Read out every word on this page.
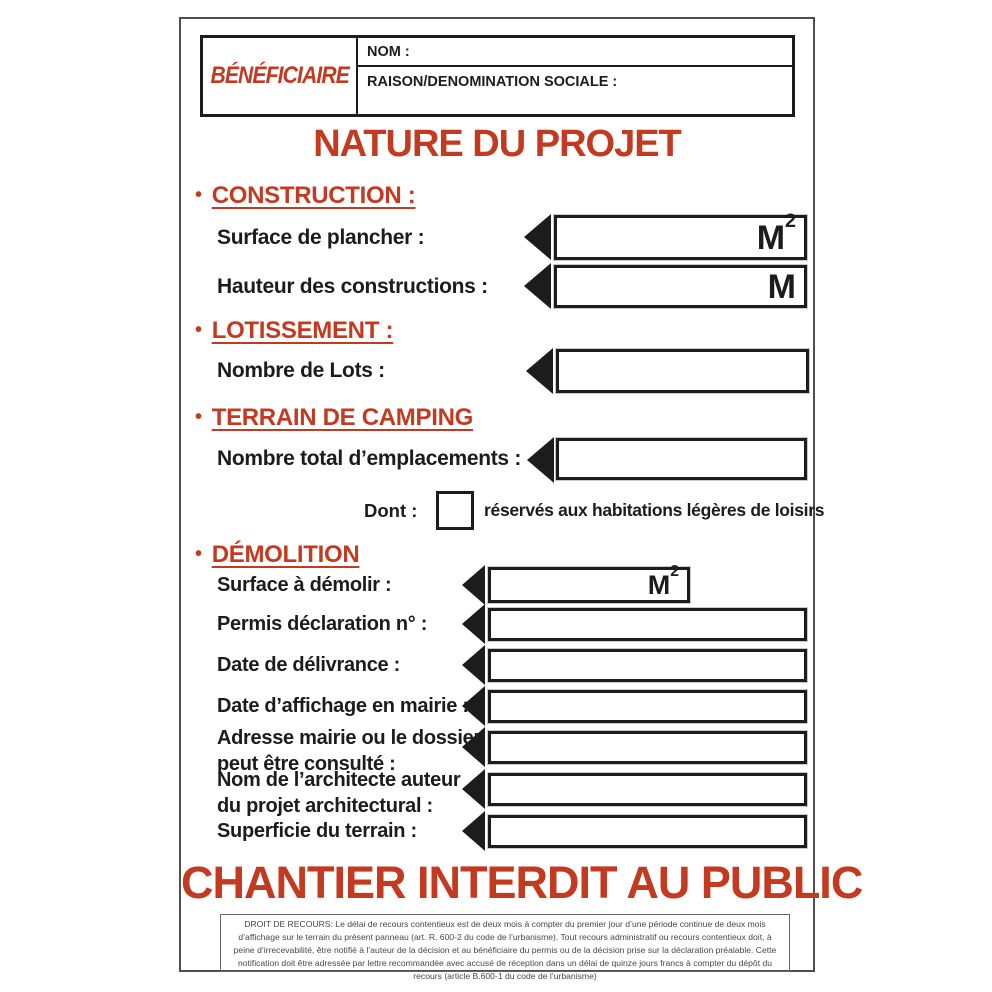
BÉNÉFICIAIRE
NOM :
RAISON/DENOMINATION SOCIALE :
NATURE DU PROJET
• CONSTRUCTION :
Surface de plancher :	$M^2$
Hauteur des constructions :	M
• LOTISSEMENT :
Nombre de Lots :
• TERRAIN DE CAMPING
Nombre total d’emplacements :
Dont :	réservés aux habitations légères de loisirs
• DÉMOLITION
Surface à démolir :	$M^2$
Permis déclaration n° :
Date de délivrance :
Date d’affichage en mairie :
Adresse mairie ou le dossier
peut être consulté :
Nom de l’architecte auteur
du projet architectural :
Superficie du terrain :
CHANTIER INTERDIT AU PUBLIC
DROIT DE RECOURS: Le délai de recours contentieux est de deux mois à compter du premier jour d’une période continue de deux mois d’affichage sur le terrain du présent panneau (art. R. 600-2 du code de l’urbanisme). Tout recours administratif ou recours contentieux doit, à peine d’irrecevabilité, être notifié à l’auteur de la décision et au bénéficiaire du permis ou de la décision prise sur la déclaration préalable. Cette notification doit être adressée par lettre recommandée avec accusé de réception dans un délai de quinze jours francs à compter du dépôt du recours (article B.600-1 du code de l’urbanisme)
